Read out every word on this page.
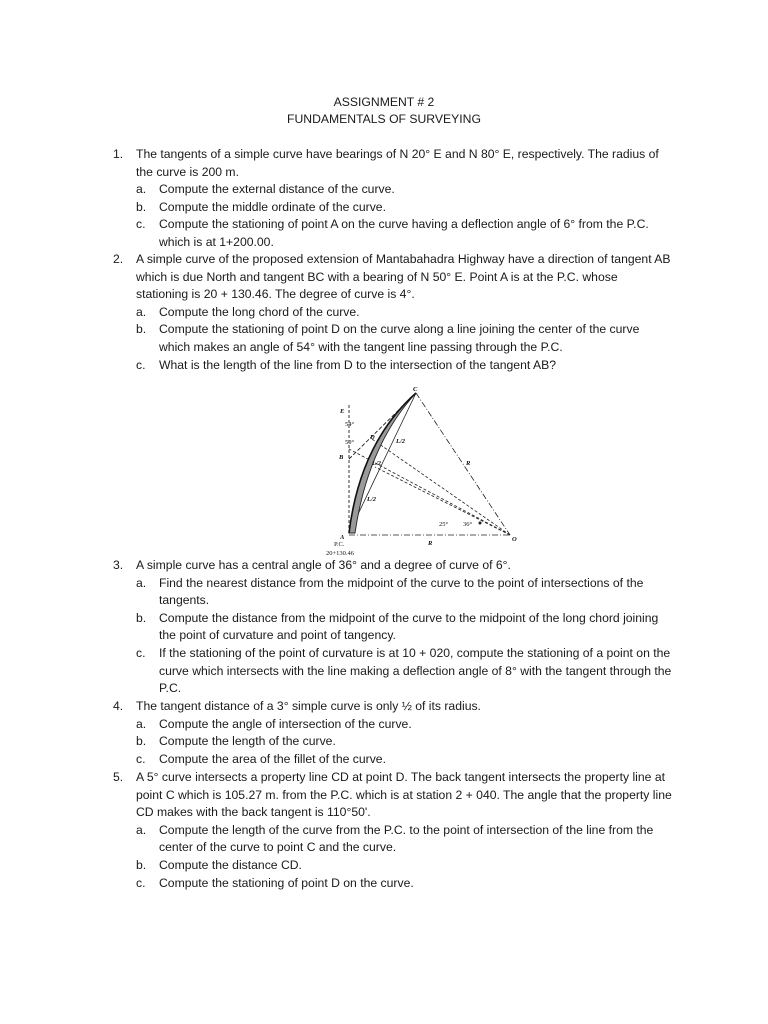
ASSIGNMENT # 2
FUNDAMENTALS OF SURVEYING
1. The tangents of a simple curve have bearings of N 20° E and N 80° E, respectively. The radius of the curve is 200 m.
a. Compute the external distance of the curve.
b. Compute the middle ordinate of the curve.
c. Compute the stationing of point A on the curve having a deflection angle of 6° from the P.C. which is at 1+200.00.
2. A simple curve of the proposed extension of Mantabahadra Highway have a direction of tangent AB which is due North and tangent BC with a bearing of N 50° E. Point A is at the P.C. whose stationing is 20 + 130.46. The degree of curve is 4°.
a. Compute the long chord of the curve.
b. Compute the stationing of point D on the curve along a line joining the center of the curve which makes an angle of 54° with the tangent line passing through the P.C.
c. What is the length of the line from D to the intersection of the tangent AB?
E
B
A
C
D
O
R
R
L/2
L/2
L/2
54°
50°
25° 36°
P.C.
20+130.46
3. A simple curve has a central angle of 36° and a degree of curve of 6°.
a. Find the nearest distance from the midpoint of the curve to the point of intersections of the tangents.
b. Compute the distance from the midpoint of the curve to the midpoint of the long chord joining the point of curvature and point of tangency.
c. If the stationing of the point of curvature is at 10 + 020, compute the stationing of a point on the curve which intersects with the line making a deflection angle of 8° with the tangent through the P.C.
4. The tangent distance of a 3° simple curve is only ½ of its radius.
a. Compute the angle of intersection of the curve.
b. Compute the length of the curve.
c. Compute the area of the fillet of the curve.
5. A 5° curve intersects a property line CD at point D. The back tangent intersects the property line at point C which is 105.27 m. from the P.C. which is at station 2 + 040. The angle that the property line CD makes with the back tangent is 110°50'.
a. Compute the length of the curve from the P.C. to the point of intersection of the line from the center of the curve to point C and the curve.
b. Compute the distance CD.
c. Compute the stationing of point D on the curve.
